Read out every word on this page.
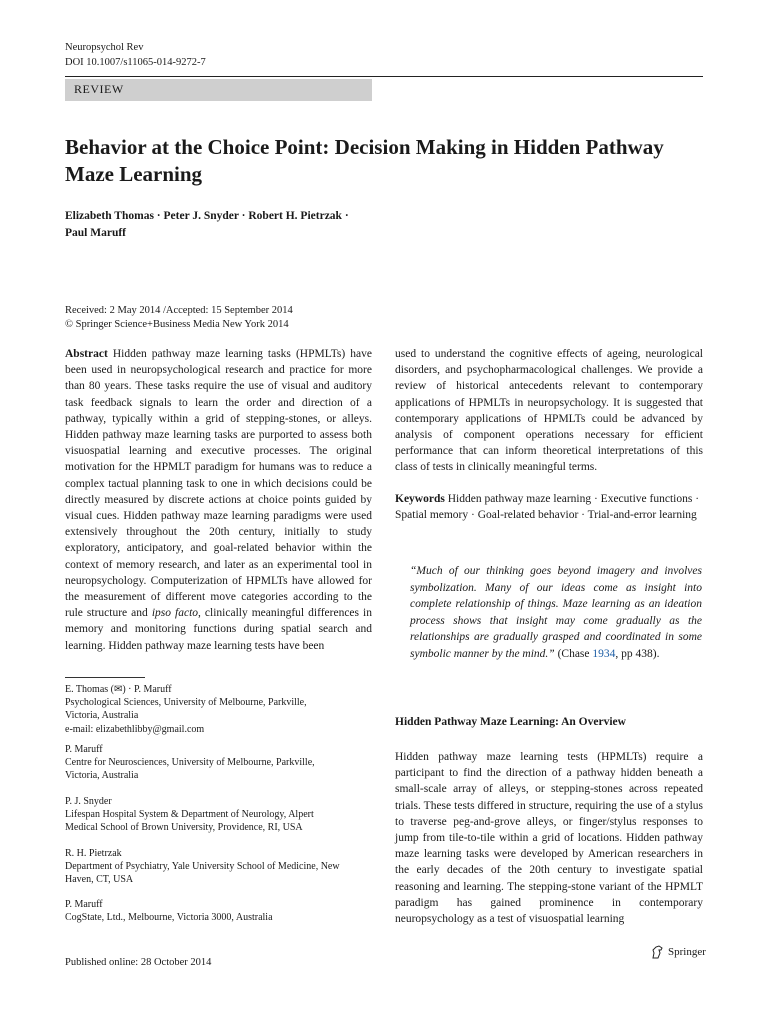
Neuropsychol Rev
DOI 10.1007/s11065-014-9272-7
REVIEW
Behavior at the Choice Point: Decision Making in Hidden Pathway Maze Learning
Elizabeth Thomas · Peter J. Snyder · Robert H. Pietrzak ·
Paul Maruff
Received: 2 May 2014 /Accepted: 15 September 2014
© Springer Science+Business Media New York 2014
Abstract Hidden pathway maze learning tasks (HPMLTs) have been used in neuropsychological research and practice for more than 80 years. These tasks require the use of visual and auditory task feedback signals to learn the order and direction of a pathway, typically within a grid of stepping-stones, or alleys. Hidden pathway maze learning tasks are purported to assess both visuospatial learning and executive processes. The original motivation for the HPMLT paradigm for humans was to reduce a complex tactual planning task to one in which decisions could be directly measured by discrete actions at choice points guided by visual cues. Hidden pathway maze learning paradigms were used extensively throughout the 20th century, initially to study exploratory, anticipatory, and goal-related behavior within the context of memory research, and later as an experimental tool in neuropsychology. Computerization of HPMLTs have allowed for the measurement of different move categories according to the rule structure and ipso facto, clinically meaningful differences in memory and monitoring functions during spatial search and learning. Hidden pathway maze learning tests have been
used to understand the cognitive effects of ageing, neurological disorders, and psychopharmacological challenges. We provide a review of historical antecedents relevant to contemporary applications of HPMLTs in neuropsychology. It is suggested that contemporary applications of HPMLTs could be advanced by analysis of component operations necessary for efficient performance that can inform theoretical interpretations of this class of tests in clinically meaningful terms.
Keywords Hidden pathway maze learning · Executive functions · Spatial memory · Goal-related behavior · Trial-and-error learning
“Much of our thinking goes beyond imagery and involves symbolization. Many of our ideas come as insight into complete relationship of things. Maze learning as an ideation process shows that insight may come gradually as the relationships are gradually grasped and coordinated in some symbolic manner by the mind.” (Chase 1934, pp 438).
E. Thomas (✉) · P. Maruff
Psychological Sciences, University of Melbourne, Parkville,
Victoria, Australia
e-mail: elizabethlibby@gmail.com
P. Maruff
Centre for Neurosciences, University of Melbourne, Parkville,
Victoria, Australia
P. J. Snyder
Lifespan Hospital System & Department of Neurology, Alpert
Medical School of Brown University, Providence, RI, USA
R. H. Pietrzak
Department of Psychiatry, Yale University School of Medicine, New
Haven, CT, USA
P. Maruff
CogState, Ltd., Melbourne, Victoria 3000, Australia
Hidden Pathway Maze Learning: An Overview
Hidden pathway maze learning tests (HPMLTs) require a participant to find the direction of a pathway hidden beneath a small-scale array of alleys, or stepping-stones across repeated trials. These tests differed in structure, requiring the use of a stylus to traverse peg-and-grove alleys, or finger/stylus responses to jump from tile-to-tile within a grid of locations. Hidden pathway maze learning tasks were developed by American researchers in the early decades of the 20th century to investigate spatial reasoning and learning. The stepping-stone variant of the HPMLT paradigm has gained prominence in contemporary neuropsychology as a test of visuospatial learning
Published online: 28 October 2014
Springer
